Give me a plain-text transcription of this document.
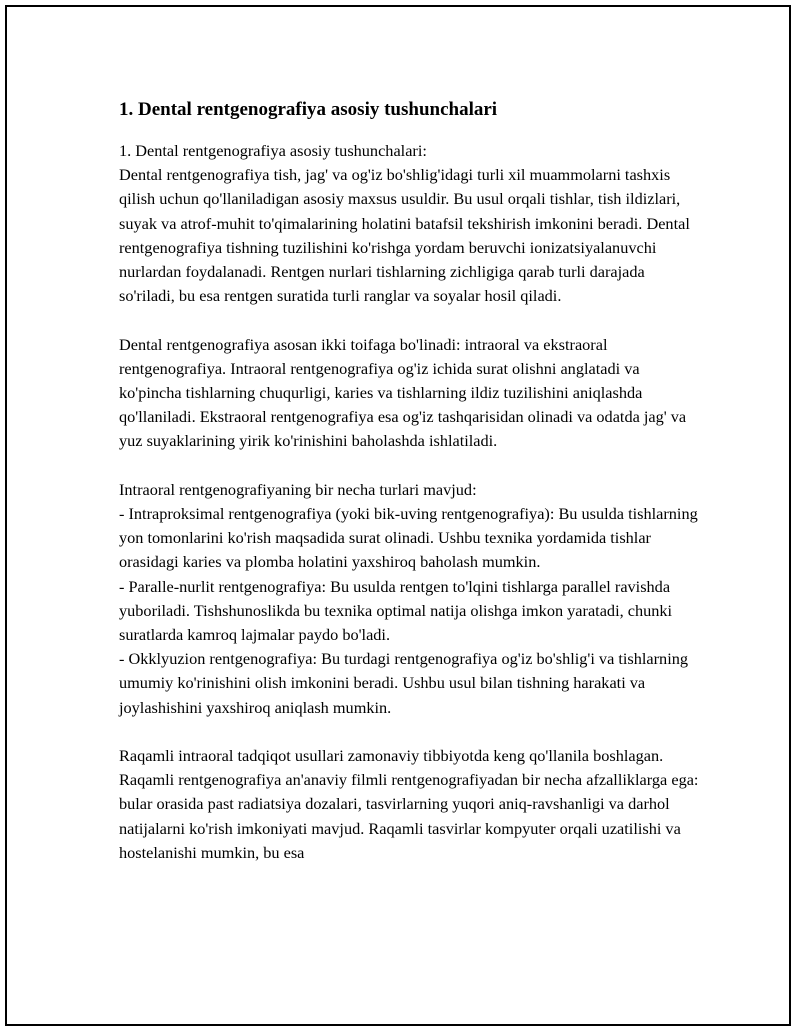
1. Dental rentgenografiya asosiy tushunchalari

1. Dental rentgenografiya asosiy tushunchalari:
Dental rentgenografiya tish, jag' va og'iz bo'shlig'idagi turli xil muammolarni tashxis qilish uchun qo'llaniladigan asosiy maxsus usuldir. Bu usul orqali tishlar, tish ildizlari, suyak va atrof-muhit to'qimalarining holatini batafsil tekshirish imkonini beradi. Dental rentgenografiya tishning tuzilishini ko'rishga yordam beruvchi ionizatsiyalanuvchi nurlardan foydalanadi. Rentgen nurlari tishlarning zichligiga qarab turli darajada so'riladi, bu esa rentgen suratida turli ranglar va soyalar hosil qiladi.

Dental rentgenografiya asosan ikki toifaga bo'linadi: intraoral va ekstraoral rentgenografiya. Intraoral rentgenografiya og'iz ichida surat olishni anglatadi va ko'pincha tishlarning chuqurligi, karies va tishlarning ildiz tuzilishini aniqlashda qo'llaniladi. Ekstraoral rentgenografiya esa og'iz tashqarisidan olinadi va odatda jag' va yuz suyaklarining yirik ko'rinishini baholashda ishlatiladi.

Intraoral rentgenografiyaning bir necha turlari mavjud:
- Intraproksimal rentgenografiya (yoki bik-uving rentgenografiya): Bu usulda tishlarning yon tomonlarini ko'rish maqsadida surat olinadi. Ushbu texnika yordamida tishlar orasidagi karies va plomba holatini yaxshiroq baholash mumkin.
- Paralle-nurlit rentgenografiya: Bu usulda rentgen to'lqini tishlarga parallel ravishda yuboriladi. Tishshunoslikda bu texnika optimal natija olishga imkon yaratadi, chunki suratlarda kamroq lajmalar paydo bo'ladi.
- Okklyuzion rentgenografiya: Bu turdagi rentgenografiya og'iz bo'shlig'i va tishlarning umumiy ko'rinishini olish imkonini beradi. Ushbu usul bilan tishning harakati va joylashishini yaxshiroq aniqlash mumkin.

Raqamli intraoral tadqiqot usullari zamonaviy tibbiyotda keng qo'llanila boshlagan. Raqamli rentgenografiya an'anaviy filmli rentgenografiyadan bir necha afzalliklarga ega: bular orasida past radiatsiya dozalari, tasvirlarning yuqori aniq-ravshanligi va darhol natijalarni ko'rish imkoniyati mavjud. Raqamli tasvirlar kompyuter orqali uzatilishi va hostelanishi mumkin, bu esa
